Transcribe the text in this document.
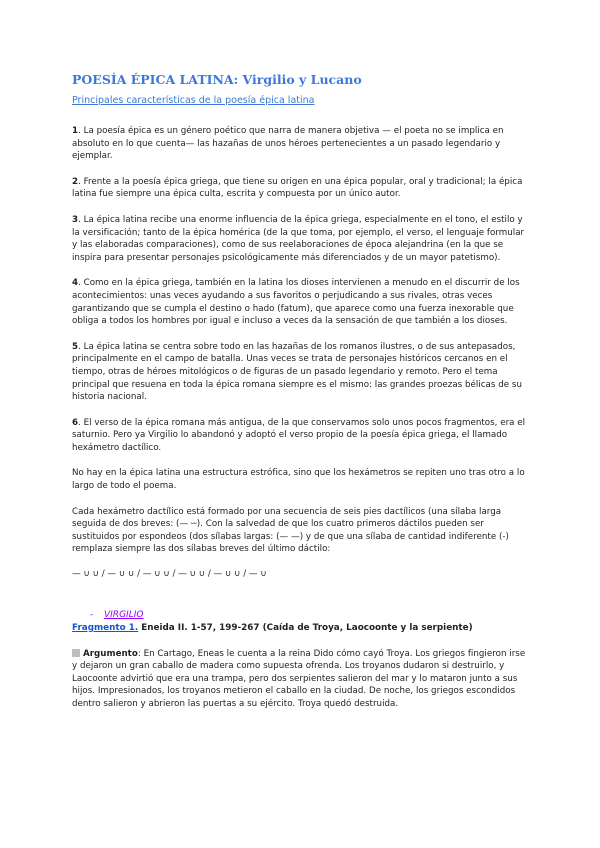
POESÍA ÉPICA LATINA: Virgilio y Lucano
Principales características de la poesía épica latina

1. La poesía épica es un género poético que narra de manera objetiva — el poeta no se implica en absoluto en lo que cuenta— las hazañas de unos héroes pertenecientes a un pasado legendario y ejemplar.

2. Frente a la poesía épica griega, que tiene su origen en una épica popular, oral y tradicional; la épica latina fue siempre una épica culta, escrita y compuesta por un único autor.

3. La épica latina recibe una enorme influencia de la épica griega, especialmente en el tono, el estilo y la versificación; tanto de la épica homérica (de la que toma, por ejemplo, el verso, el lenguaje formular y las elaboradas comparaciones), como de sus reelaboraciones de época alejandrina (en la que se inspira para presentar personajes psicológicamente más diferenciados y de un mayor patetismo).

4. Como en la épica griega, también en la latina los dioses intervienen a menudo en el discurrir de los acontecimientos: unas veces ayudando a sus favoritos o perjudicando a sus rivales, otras veces garantizando que se cumpla el destino o hado (fatum), que aparece como una fuerza inexorable que obliga a todos los hombres por igual e incluso a veces da la sensación de que también a los dioses.

5. La épica latina se centra sobre todo en las hazañas de los romanos ilustres, o de sus antepasados, principalmente en el campo de batalla. Unas veces se trata de personajes históricos cercanos en el tiempo, otras de héroes mitológicos o de figuras de un pasado legendario y remoto. Pero el tema principal que resuena en toda la épica romana siempre es el mismo: las grandes proezas bélicas de su historia nacional.

6. El verso de la épica romana más antigua, de la que conservamos solo unos pocos fragmentos, era el saturnio. Pero ya Virgilio lo abandonó y adoptó el verso propio de la poesía épica griega, el llamado hexámetro dactílico.

No hay en la épica latina una estructura estrófica, sino que los hexámetros se repiten uno tras otro a lo largo de todo el poema.

Cada hexámetro dactílico está formado por una secuencia de seis pies dactílicos (una sílaba larga seguida de dos breves: (— ⏑⏑). Con la salvedad de que los cuatro primeros dáctilos pueden ser sustituidos por espondeos (dos sílabas largas: (— —) y de que una sílaba de cantidad indiferente (-) remplaza siempre las dos sílabas breves del último dáctilo:

— ∪ ∪ / — ∪ ∪ / — ∪ ∪ / — ∪ ∪ / — ∪ ∪ / — ∪

- VIRGILIO
Fragmento 1. Eneida II. 1-57, 199-267 (Caída de Troya, Laocoonte y la serpiente)

Argumento: En Cartago, Eneas le cuenta a la reina Dido cómo cayó Troya. Los griegos fingieron irse y dejaron un gran caballo de madera como supuesta ofrenda. Los troyanos dudaron si destruirlo, y Laocoonte advirtió que era una trampa, pero dos serpientes salieron del mar y lo mataron junto a sus hijos. Impresionados, los troyanos metieron el caballo en la ciudad. De noche, los griegos escondidos dentro salieron y abrieron las puertas a su ejército. Troya quedó destruida.
